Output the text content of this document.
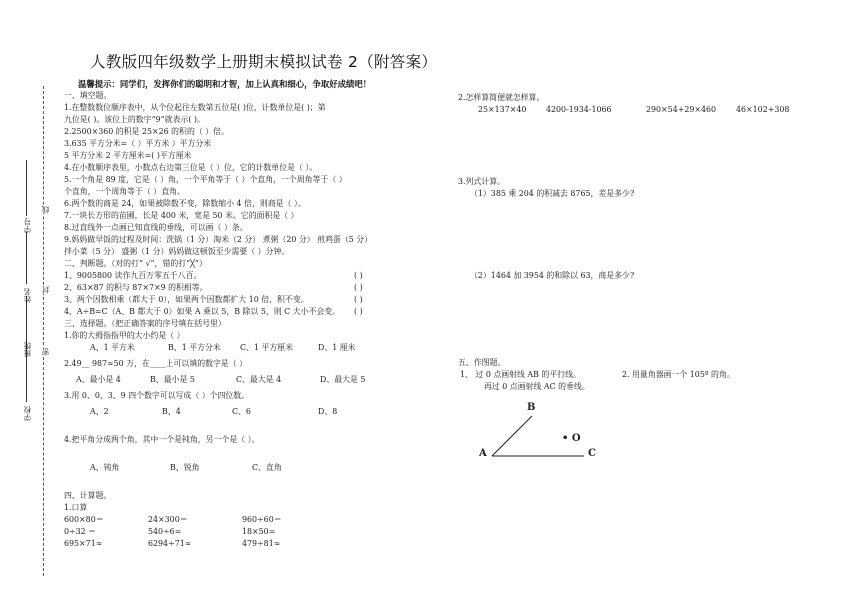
人教版四年级数学上册期末模拟试卷 2（附答案）
温馨提示：同学们，发挥你们的聪明和才智，加上认真和细心，争取好成绩吧！
学校
班级
姓名
学号
密
封
线
一、填空题。
1.在整数数位顺序表中，从个位起往左数第五位是( )位，计数单位是( )；第
九位是( )。该位上的数字“9”就表示( )。
2.2500×360 的积是 25×26 的积的（ ）倍。
3.635 平方分米=（ ）平方米 ）平方分米
5 平方分米 2 平方厘米=( )平方厘米
4.在小数顺序表里，小数点右边第三位是（ ）位，它的计数单位是（ ）。
5.一个角是 89 度，它是（ ）角，一个平角等于（ ）个直角，一个周角等于（ ）
个直角，一个周角等于（ ）直角。
6.两个数的商是 24，如果被除数不变，除数缩小 4 倍，则商是（ ）。
7.一块长方形的苗圃，长是 400 米，宽是 50 米。它的面积是（ ）
8.过直线外一点画已知直线的垂线，可以画（ ）条。
9.妈妈做早饭的过程及时间：洗锅（1 分）淘米（2 分） 煮粥（20 分） 煎鸡蛋（5 分）
拌小菜（5 分） 盛粥（1 分）妈妈做这顿饭至少需要（ ）分钟。
二、判断题。（对的打“ √”，错的打“╳”）
1、9005800 读作九百万零五千八百。	( )
2、63×87 的积与 87×7×9 的积相等。	( )
3、两个因数相乘（都大于 0），如果两个因数都扩大 10 倍，积不变。	( )
4、A÷B=C（A、B 都大于 0）如果 A 乘以 5，B 除以 5，则 C 大小不会变。 ( )
三、选择题。（把正确答案的序号填在括号里）
1.你的大拇指指甲的大小约是（ ）
A、1 平方米	B、1 平方分米 C、1 平方厘米	D、1 厘米
2.49__ 987≈50 万，在____上可以填的数字是（ ）
A、最小是 4	B、最小是 5	C、最大是 4	D、最大是 5
3.用 0、0、3、9 四个数字可以写成（ ）个四位数。
A、2	B、4	C、6	D、8
4.把平角分成两个角，其中一个是钝角，另一个是（ ）。
A、钝角	B、锐角	C、直角
四、计算题。
1.口算
600×80＝	24×300＝	960÷60＝
0÷32 ＝	540÷6=	18×50=
695×71≈	6294÷71≈	479÷81≈
2.怎样算简便就怎样算。
25×137×40 4200-1934-1066	290×54+29×460	46×102+308
3.列式计算。
（1）385 乘 204 的积减去 8765，差是多少?
（2）1464 加 3954 的和除以 63，商是多少?
五、作图题。
1、 过 0 点画射线 AB 的平行线。	2. 用量角器画一个 105º 的角。
再过 0 点画射线 AC 的垂线。
A
B
C
• O
